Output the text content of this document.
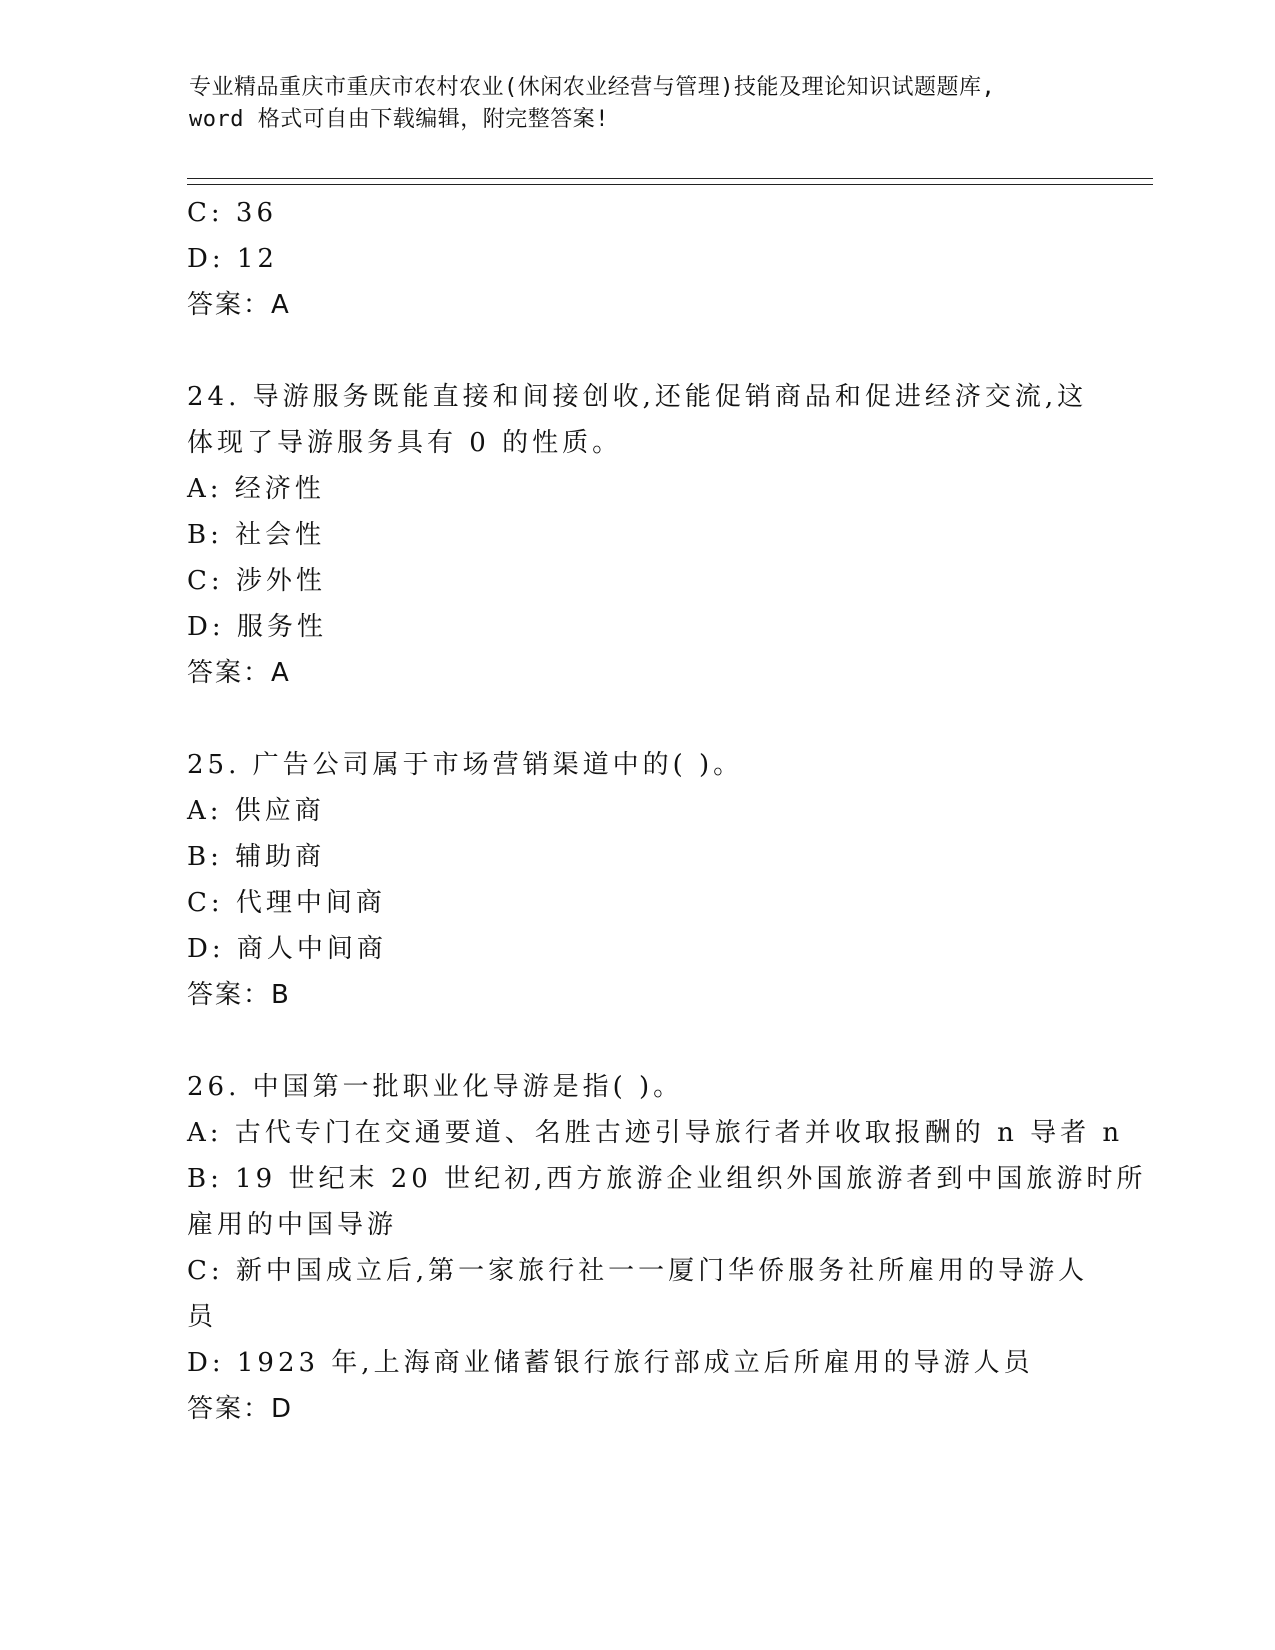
专业精品重庆市重庆市农村农业(休闲农业经营与管理)技能及理论知识试题题库,
word 格式可自由下载编辑，附完整答案!
C: 36
D: 12
答案：A
24. 导游服务既能直接和间接创收,还能促销商品和促进经济交流,这
体现了导游服务具有 0 的性质。
A: 经济性
B: 社会性
C: 涉外性
D: 服务性
答案：A
25. 广告公司属于市场营销渠道中的( )。
A: 供应商
B: 辅助商
C: 代理中间商
D: 商人中间商
答案：B
26. 中国第一批职业化导游是指( )。
A: 古代专门在交通要道、名胜古迹引导旅行者并收取报酬的 n 导者 n
B: 19 世纪末 20 世纪初,西方旅游企业组织外国旅游者到中国旅游时所
雇用的中国导游
C: 新中国成立后,第一家旅行社一一厦门华侨服务社所雇用的导游人
员
D: 1923 年,上海商业储蓄银行旅行部成立后所雇用的导游人员
答案：D
